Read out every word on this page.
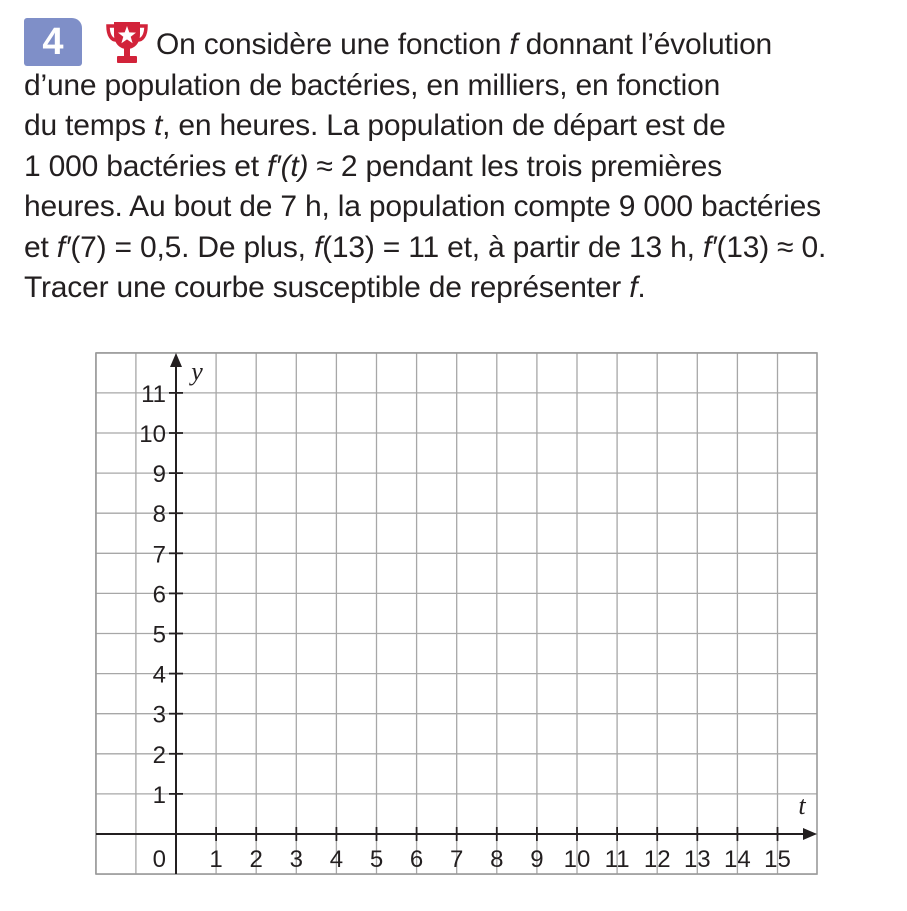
4	On considère une fonction f donnant l’évolution
d’une population de bactéries, en milliers, en fonction
du temps t, en heures. La population de départ est de
1 000 bactéries et f′(t) ≈ 2 pendant les trois premières
heures. Au bout de 7 h, la population compte 9 000 bactéries
et f′(7) = 0,5. De plus, f(13) = 11 et, à partir de 13 h, f′(13) ≈ 0.
Tracer une courbe susceptible de représenter f.
1 2 3 4 5 6 7 8 9 10 11 12 13 14 15
1
2
3
4
5
6
7
8
9
10
11
0
t
y
